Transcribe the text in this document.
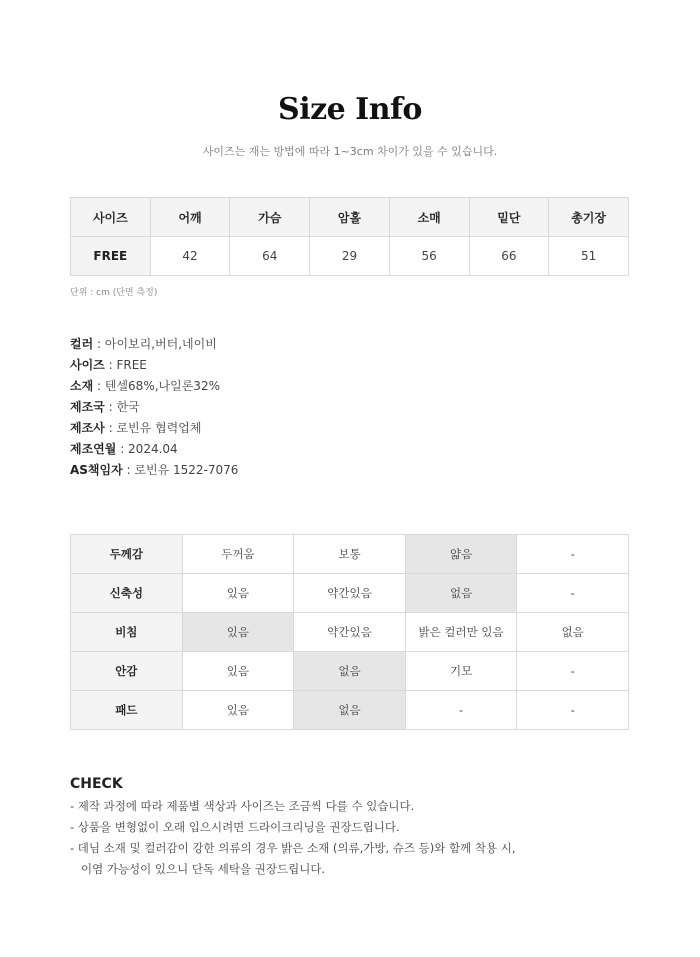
Size Info
사이즈는 재는 방법에 따라 1~3cm 차이가 있을 수 있습니다.
사이즈	어깨	가슴	암홀	소매	밑단	총기장
FREE	42	64	29	56	66	51
단위 : cm (단면 측정)
컬러 : 아이보리,버터,네이비
사이즈 : FREE
소재 : 텐셀68%,나일론32%
제조국 : 한국
제조사 : 로빈유 협력업체
제조연월 : 2024.04
AS책임자 : 로빈유 1522-7076
두께감	두꺼움	보통	얇음	-
신축성	있음	약간있음	없음	-
비침	있음	약간있음	밝은 컬러만 있음	없음
안감	있음	없음	기모	-
패드	있음	없음	-	-
CHECK
- 제작 과정에 따라 제품별 색상과 사이즈는 조금씩 다를 수 있습니다.
- 상품을 변형없이 오래 입으시려면 드라이크리닝을 권장드립니다.
- 데님 소재 및 컬러감이 강한 의류의 경우 밝은 소재 (의류,가방, 슈즈 등)와 함께 착용 시,
이염 가능성이 있으니 단독 세탁을 권장드립니다.
